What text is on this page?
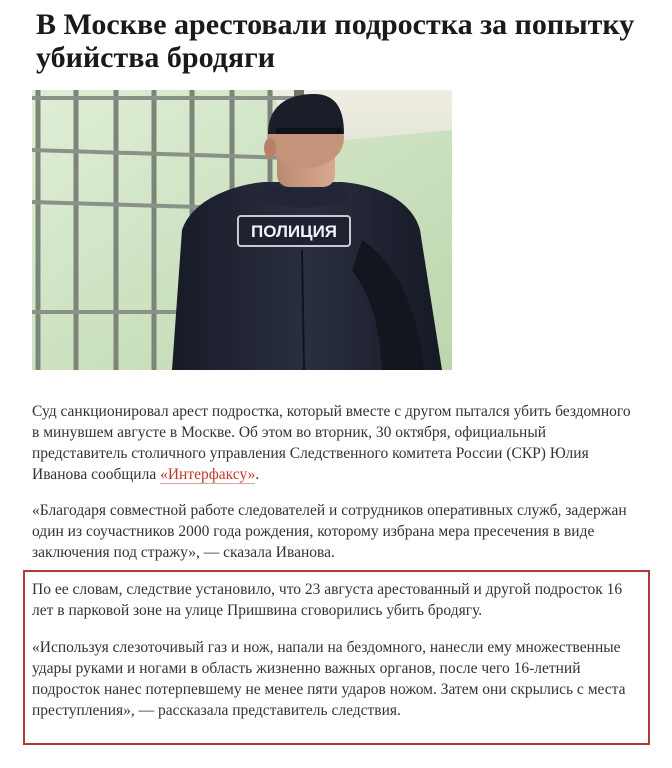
В Москве арестовали подростка за попытку убийства бродяги
ПОЛИЦИЯ

Суд санкционировал арест подростка, который вместе с другом пытался убить бездомного в минувшем августе в Москве. Об этом во вторник, 30 октября, официальный представитель столичного управления Следственного комитета России (СКР) Юлия Иванова сообщила «Интерфаксу».

«Благодаря совместной работе следователей и сотрудников оперативных служб, задержан один из соучастников 2000 года рождения, которому избрана мера пресечения в виде заключения под стражу», — сказала Иванова.

По ее словам, следствие установило, что 23 августа арестованный и другой подросток 16 лет в парковой зоне на улице Пришвина сговорились убить бродягу.

«Используя слезоточивый газ и нож, напали на бездомного, нанесли ему множественные удары руками и ногами в область жизненно важных органов, после чего 16-летний подросток нанес потерпевшему не менее пяти ударов ножом. Затем они скрылись с места преступления», — рассказала представитель следствия.
